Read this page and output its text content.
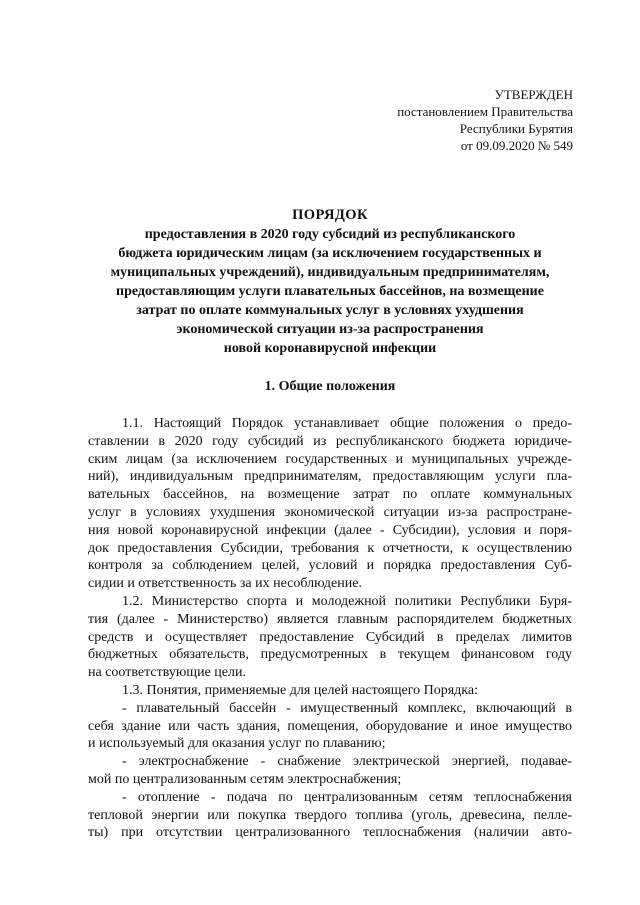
УТВЕРЖДЕН
постановлением Правительства
Республики Бурятия
от 09.09.2020 № 549
ПОРЯДОК
предоставления в 2020 году субсидий из республиканского
бюджета юридическим лицам (за исключением государственных и
муниципальных учреждений), индивидуальным предпринимателям,
предоставляющим услуги плавательных бассейнов, на возмещение
затрат по оплате коммунальных услуг в условиях ухудшения
экономической ситуации из-за распространения
новой коронавирусной инфекции
1. Общие положения
1.1. Настоящий Порядок устанавливает общие положения о предо-
ставлении в 2020 году субсидий из республиканского бюджета юридиче-
ским лицам (за исключением государственных и муниципальных учрежде-
ний), индивидуальным предпринимателям, предоставляющим услуги пла-
вательных бассейнов, на возмещение затрат по оплате коммунальных
услуг в условиях ухудшения экономической ситуации из-за распростране-
ния новой коронавирусной инфекции (далее - Субсидии), условия и поря-
док предоставления Субсидии, требования к отчетности, к осуществлению
контроля за соблюдением целей, условий и порядка предоставления Суб-
сидии и ответственность за их несоблюдение.
1.2. Министерство спорта и молодежной политики Республики Буря-
тия (далее - Министерство) является главным распорядителем бюджетных
средств и осуществляет предоставление Субсидий в пределах лимитов
бюджетных обязательств, предусмотренных в текущем финансовом году
на соответствующие цели.
1.3. Понятия, применяемые для целей настоящего Порядка:
- плавательный бассейн - имущественный комплекс, включающий в
себя здание или часть здания, помещения, оборудование и иное имущество
и используемый для оказания услуг по плаванию;
- электроснабжение - снабжение электрической энергией, подавае-
мой по централизованным сетям электроснабжения;
- отопление - подача по централизованным сетям теплоснабжения
тепловой энергии или покупка твердого топлива (уголь, древесина, пелле-
ты) при отсутствии централизованного теплоснабжения (наличии авто-
